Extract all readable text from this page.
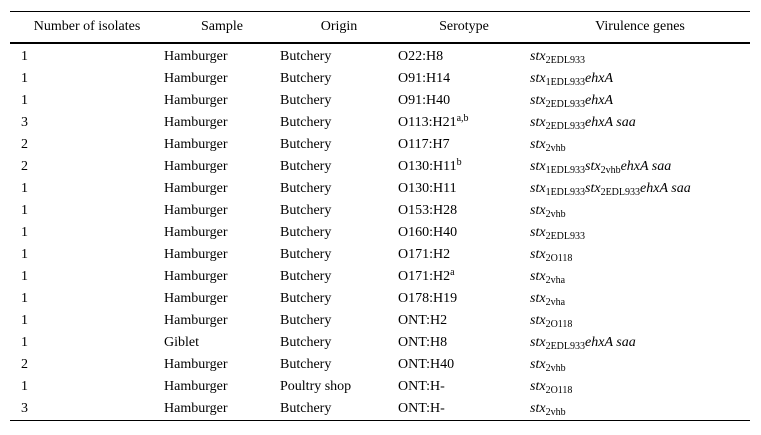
Number of isolates	Sample	Origin	Serotype	Virulence genes
1	Hamburger	Butchery	O22:H8	stx$_{2EDL933}$
1	Hamburger	Butchery	O91:H14	stx$_{1EDL933}$ehxA
1	Hamburger	Butchery	O91:H40	stx$_{2EDL933}$ehxA
3	Hamburger	Butchery	O113:H21$^{a,b}$	stx$_{2EDL933}$ehxA saa
2	Hamburger	Butchery	O117:H7	stx$_{2vhb}$
2	Hamburger	Butchery	O130:H11$^b$	stx$_{1EDL933}$stx$_{2vhb}$ehxA saa
1	Hamburger	Butchery	O130:H11	stx$_{1EDL933}$stx$_{2EDL933}$ehxA saa
1	Hamburger	Butchery	O153:H28	stx$_{2vhb}$
1	Hamburger	Butchery	O160:H40	stx$_{2EDL933}$
1	Hamburger	Butchery	O171:H2	stx$_{2O118}$
1	Hamburger	Butchery	O171:H2$^a$	stx$_{2vha}$
1	Hamburger	Butchery	O178:H19	stx$_{2vha}$
1	Hamburger	Butchery	ONT:H2	stx$_{2O118}$
1	Giblet	Butchery	ONT:H8	stx$_{2EDL933}$ehxA saa
2	Hamburger	Butchery	ONT:H40	stx$_{2vhb}$
1	Hamburger	Poultry shop	ONT:H-	stx$_{2O118}$
3	Hamburger	Butchery	ONT:H-	stx$_{2vhb}$
